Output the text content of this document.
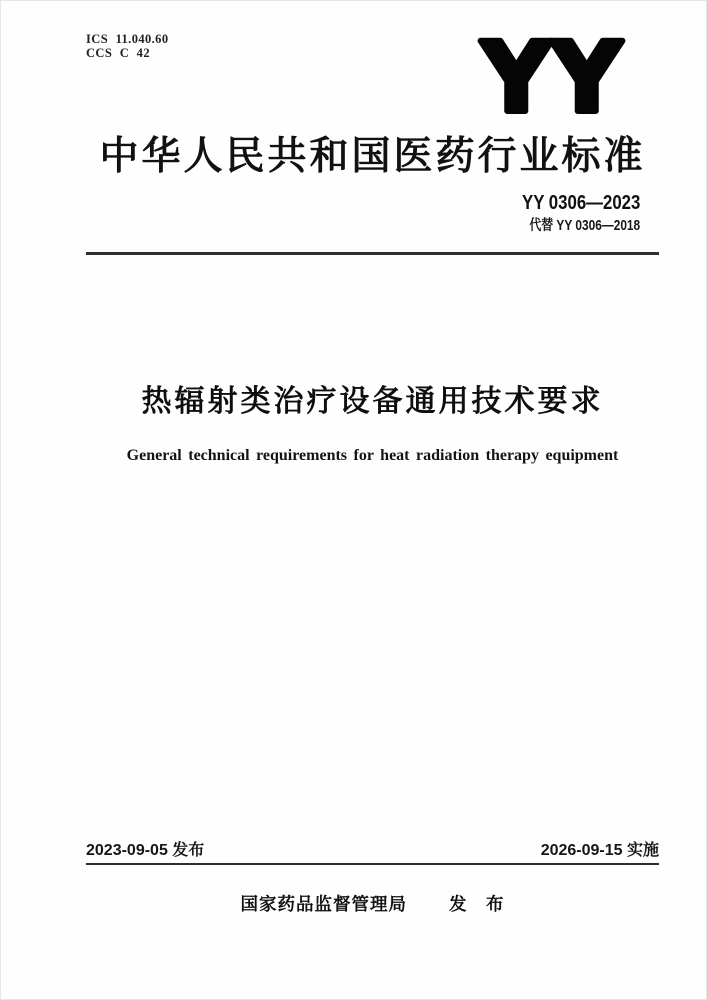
ICS 11.040.60
CCS C 42	YY
中华人民共和国医药行业标准
YY 0306—2023
代替 YY 0306—2018
热辐射类治疗设备通用技术要求
General technical requirements for heat radiation therapy equipment
2023-09-05 发布	2026-09-15 实施
国家药品监督管理局 发　布
